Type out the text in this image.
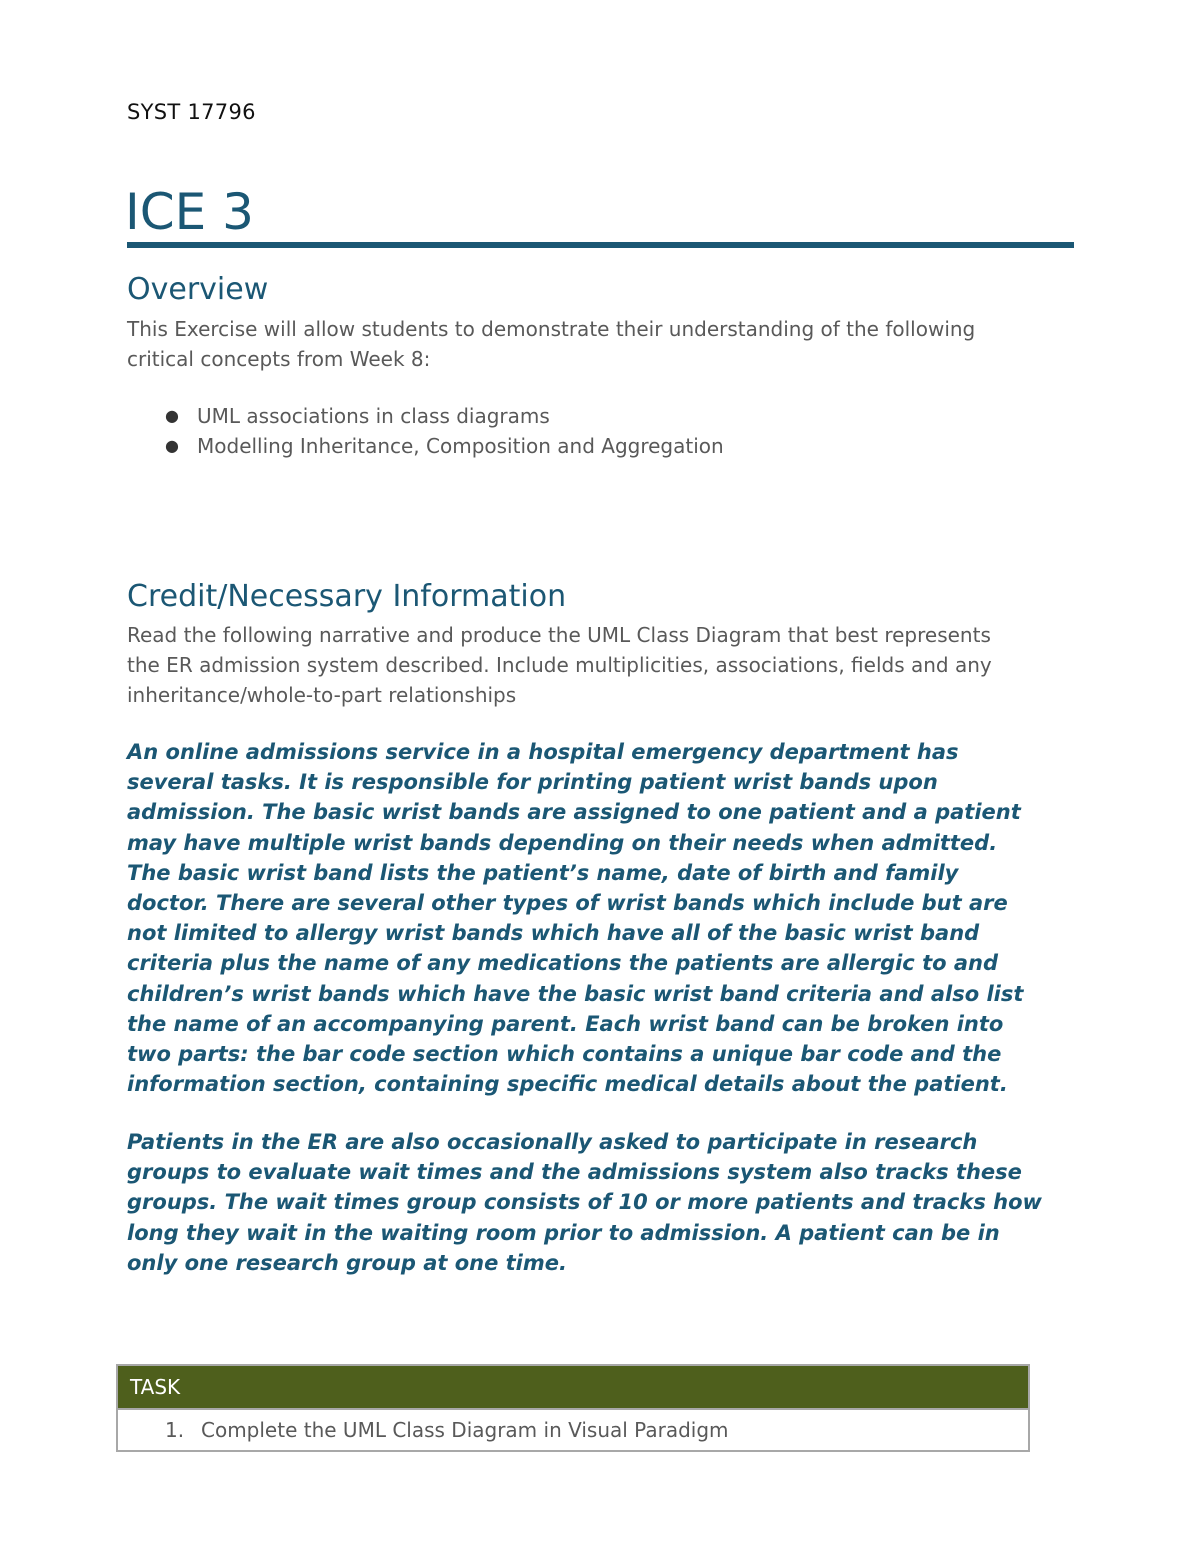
SYST 17796
ICE 3
Overview
This Exercise will allow students to demonstrate their understanding of the following
critical concepts from Week 8:
● UML associations in class diagrams
● Modelling Inheritance, Composition and Aggregation
Credit/Necessary Information
Read the following narrative and produce the UML Class Diagram that best represents
the ER admission system described. Include multiplicities, associations, fields and any
inheritance/whole-to-part relationships

An online admissions service in a hospital emergency department has

several tasks. It is responsible for printing patient wrist bands upon

admission. The basic wrist bands are assigned to one patient and a patient

may have multiple wrist bands depending on their needs when admitted.

The basic wrist band lists the patient’s name, date of birth and family

doctor. There are several other types of wrist bands which include but are

not limited to allergy wrist bands which have all of the basic wrist band

criteria plus the name of any medications the patients are allergic to and

children’s wrist bands which have the basic wrist band criteria and also list

the name of an accompanying parent. Each wrist band can be broken into

two parts: the bar code section which contains a unique bar code and the

information section, containing specific medical details about the patient.

Patients in the ER are also occasionally asked to participate in research

groups to evaluate wait times and the admissions system also tracks these

groups. The wait times group consists of 10 or more patients and tracks how

long they wait in the waiting room prior to admission. A patient can be in

only one research group at one time.

TASK
1. Complete the UML Class Diagram in Visual Paradigm
